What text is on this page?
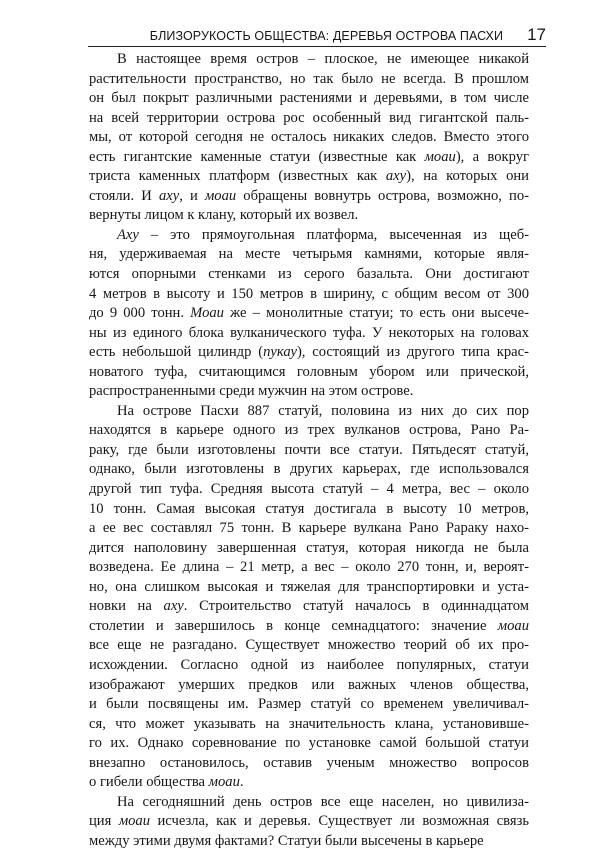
БЛИЗОРУКОСТЬ ОБЩЕСТВА: ДЕРЕВЬЯ ОСТРОВА ПАСХИ 17

В настоящее время остров – плоское, не имеющее никакой
растительности пространство, но так было не всегда. В прошлом
он был покрыт различными растениями и деревьями, в том числе
на всей территории острова рос особенный вид гигантской паль-
мы, от которой сегодня не осталось никаких следов. Вместо этого
есть гигантские каменные статуи (известные как моаи), а вокруг
триста каменных платформ (известных как аху), на которых они
стояли. И аху, и моаи обращены вовнутрь острова, возможно, по-
вернуты лицом к клану, который их возвел.

Аху – это прямоугольная платформа, высеченная из щеб-
ня, удерживаемая на месте четырьмя камнями, которые явля-
ются опорными стенками из серого базальта. Они достигают
4 метров в высоту и 150 метров в ширину, с общим весом от 300
до 9 000 тонн. Моаи же – монолитные статуи; то есть они высече-
ны из единого блока вулканического туфа. У некоторых на головах
есть небольшой цилиндр (пукау), состоящий из другого типа крас-
новатого туфа, считающимся головным убором или прической,
распространенными среди мужчин на этом острове.

На острове Пасхи 887 статуй, половина из них до сих пор
находятся в карьере одного из трех вулканов острова, Рано Ра-
раку, где были изготовлены почти все статуи. Пятьдесят статуй,
однако, были изготовлены в других карьерах, где использовался
другой тип туфа. Средняя высота статуй – 4 метра, вес – около
10 тонн. Самая высокая статуя достигала в высоту 10 метров,
а ее вес составлял 75 тонн. В карьере вулкана Рано Рараку нахо-
дится наполовину завершенная статуя, которая никогда не была
возведена. Ее длина – 21 метр, а вес – около 270 тонн, и, вероят-
но, она слишком высокая и тяжелая для транспортировки и уста-
новки на аху. Строительство статуй началось в одиннадцатом
столетии и завершилось в конце семнадцатого: значение моаи
все еще не разгадано. Существует множество теорий об их про-
исхождении. Согласно одной из наиболее популярных, статуи
изображают умерших предков или важных членов общества,
и были посвящены им. Размер статуй со временем увеличивал-
ся, что может указывать на значительность клана, установивше-
го их. Однако соревнование по установке самой большой статуи
внезапно остановилось, оставив ученым множество вопросов
о гибели общества моаи.

На сегодняшний день остров все еще населен, но цивилиза-
ция моаи исчезла, как и деревья. Существует ли возможная связь
между этими двумя фактами? Статуи были высечены в карьере
